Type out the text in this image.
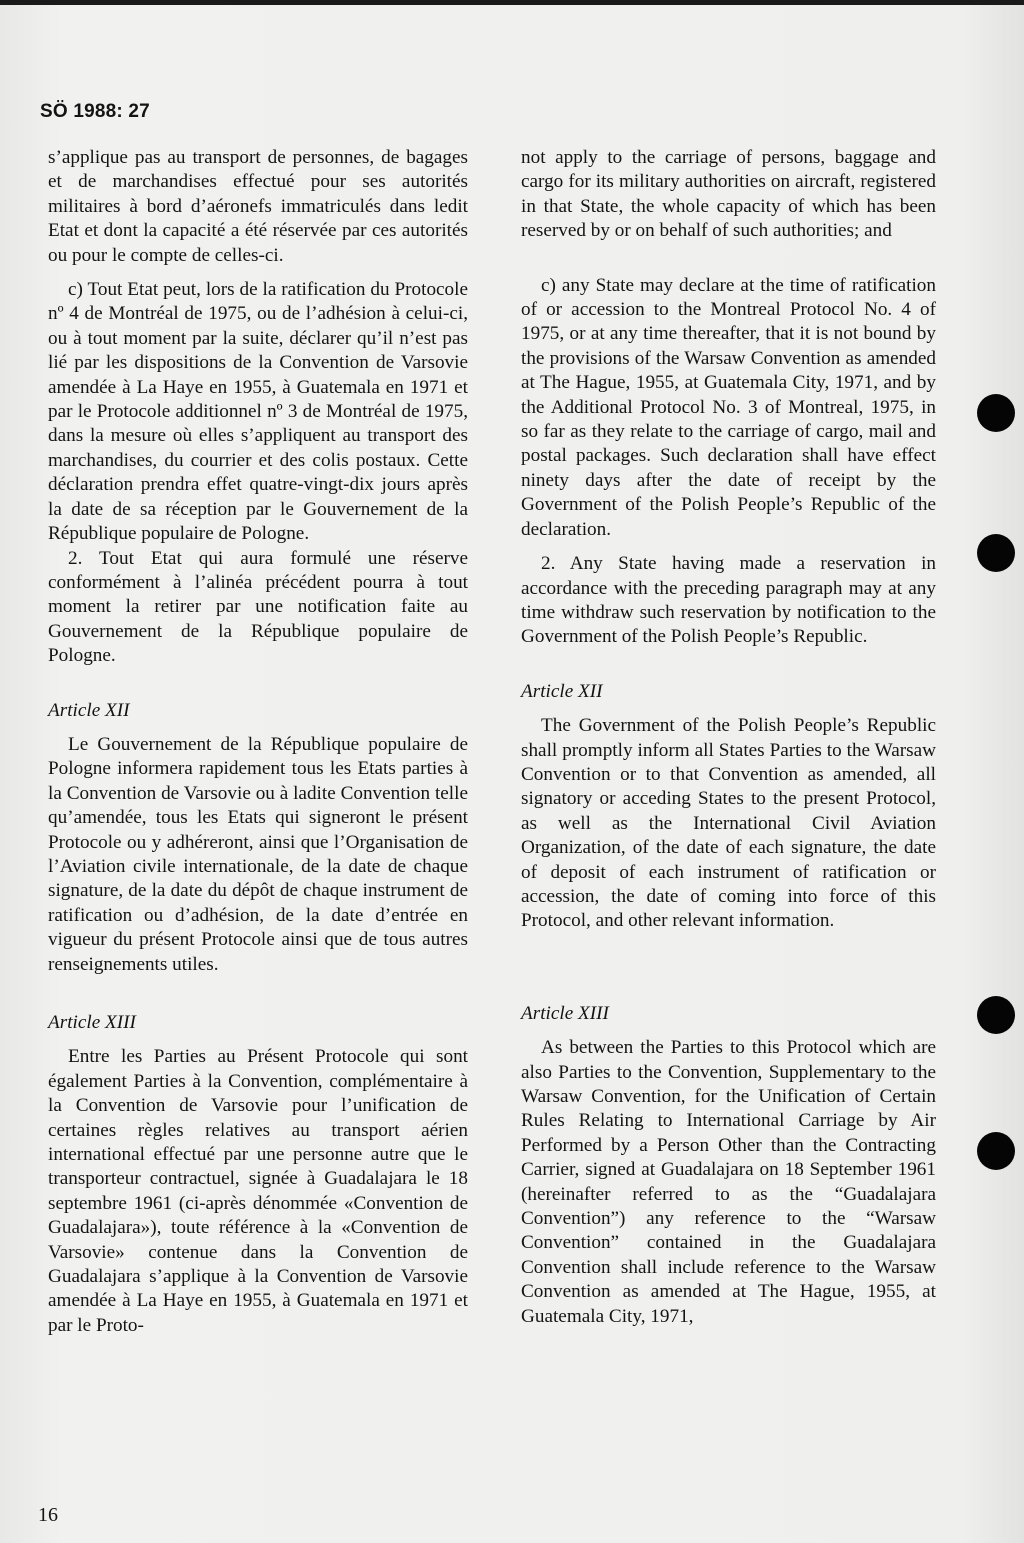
SÖ 1988: 27

s’applique pas au transport de personnes, de bagages et de marchandises effectué pour ses autorités militaires à bord d’aéronefs immatriculés dans ledit Etat et dont la capacité a été réservée par ces autorités ou pour le compte de celles-ci.

c) Tout Etat peut, lors de la ratification du Protocole nº 4 de Montréal de 1975, ou de l’adhésion à celui-ci, ou à tout moment par la suite, déclarer qu’il n’est pas lié par les dispositions de la Convention de Varsovie amendée à La Haye en 1955, à Guatemala en 1971 et par le Protocole additionnel nº 3 de Montréal de 1975, dans la mesure où elles s’appliquent au transport des marchandises, du courrier et des colis postaux. Cette déclaration prendra effet quatre-vingt-dix jours après la date de sa réception par le Gouvernement de la République populaire de Pologne.

2. Tout Etat qui aura formulé une réserve conformément à l’alinéa précédent pourra à tout moment la retirer par une notification faite au Gouvernement de la République populaire de Pologne.

Article XII

Le Gouvernement de la République populaire de Pologne informera rapidement tous les Etats parties à la Convention de Varsovie ou à ladite Convention telle qu’amendée, tous les Etats qui signeront le présent Protocole ou y adhéreront, ainsi que l’Organisation de l’Aviation civile internationale, de la date de chaque signature, de la date du dépôt de chaque instrument de ratification ou d’adhésion, de la date d’entrée en vigueur du présent Protocole ainsi que de tous autres renseignements utiles.

Article XIII

Entre les Parties au Présent Protocole qui sont également Parties à la Convention, complémentaire à la Convention de Varsovie pour l’unification de certaines règles relatives au transport aérien international effectué par une personne autre que le transporteur contractuel, signée à Guadalajara le 18 septembre 1961 (ci-après dénommée «Convention de Guadalajara»), toute référence à la «Convention de Varsovie» contenue dans la Convention de Guadalajara s’applique à la Convention de Varsovie amendée à La Haye en 1955, à Guatemala en 1971 et par le Proto-

not apply to the carriage of persons, baggage and cargo for its military authorities on aircraft, registered in that State, the whole capacity of which has been reserved by or on behalf of such authorities; and

c) any State may declare at the time of ratification of or accession to the Montreal Protocol No. 4 of 1975, or at any time thereafter, that it is not bound by the provisions of the Warsaw Convention as amended at The Hague, 1955, at Guatemala City, 1971, and by the Additional Protocol No. 3 of Montreal, 1975, in so far as they relate to the carriage of cargo, mail and postal packages. Such declaration shall have effect ninety days after the date of receipt by the Government of the Polish People’s Republic of the declaration.

2. Any State having made a reservation in accordance with the preceding paragraph may at any time withdraw such reservation by notification to the Government of the Polish People’s Republic.

Article XII

The Government of the Polish People’s Republic shall promptly inform all States Parties to the Warsaw Convention or to that Convention as amended, all signatory or acceding States to the present Protocol, as well as the International Civil Aviation Organization, of the date of each signature, the date of deposit of each instrument of ratification or accession, the date of coming into force of this Protocol, and other relevant information.

Article XIII

As between the Parties to this Protocol which are also Parties to the Convention, Supplementary to the Warsaw Convention, for the Unification of Certain Rules Relating to International Carriage by Air Performed by a Person Other than the Contracting Carrier, signed at Guadalajara on 18 September 1961 (hereinafter referred to as the “Guadalajara Convention”) any reference to the “Warsaw Convention” contained in the Guadalajara Convention shall include reference to the Warsaw Convention as amended at The Hague, 1955, at Guatemala City, 1971,

16
